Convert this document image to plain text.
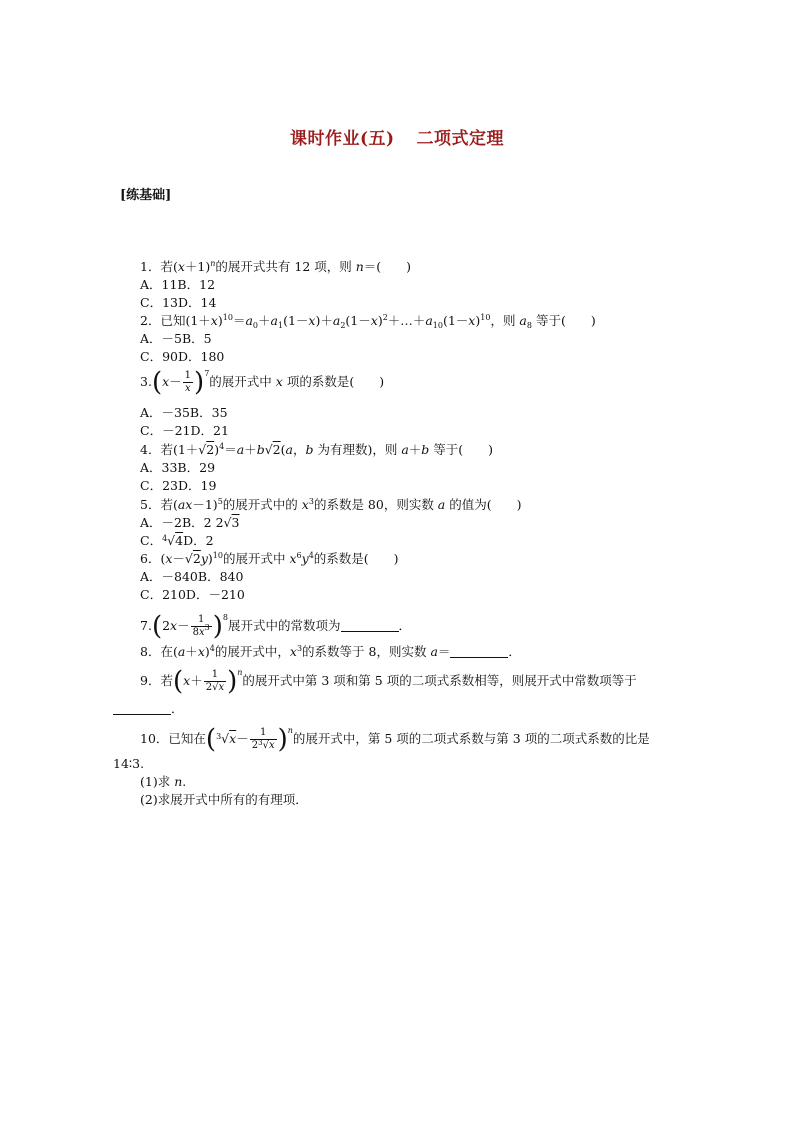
课时作业(五) 二项式定理
[练基础]
1．若$(x+1)^n$的展开式共有 12 项，则 n＝(　　)
A．11B．12
C．13D．14
2．已知$(1+x)^{10}=a_0+a_1(1-x)+a_2(1-x)^2+\dots+a_{10}(1-x)^{10}$，则 $a_8$ 等于(　　)
A．－5B．5
C．90D．180
$3.(x- \frac{1}{x} )^7$的展开式中 x 项的系数是(　　)
A．－35B．35
C．－21D．21
4．若$(1+√2)^4=a+b√2(a$，b 为有理数)，则 a＋b 等于(　　)
A．33B．29
C．23D．19
5．若$(ax-1)^5$的展开式中的 $x^3$的系数是 80，则实数 a 的值为(　　)
A．－2B．2 2√3
C．$^4$√4D．2
6．$(x-√2y)^{10}$的展开式中 $x^6y^4$的系数是(　　)
A．－840B．840
C．210D．－210
$7.(2x- \frac{1}{8x^3} )^8$展开式中的常数项为	．
8．在$(a+x)^4$的展开式中，$x^3$的系数等于 8，则实数 a＝	．
9．若$(x+ \frac{1}{2√x} )^n$的展开式中第 3 项和第 5 项的二项式系数相等，则展开式中常数项等于
．
10．已知在$(^3√x- \frac{1}{2^3√x} )^n$的展开式中，第 5 项的二项式系数与第 3 项的二项式系数的比是
14∶3.
(1)求 n.
(2)求展开式中所有的有理项．
